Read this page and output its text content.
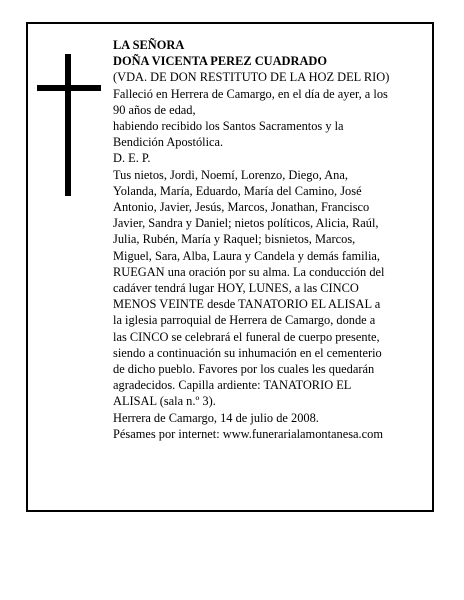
LA SEÑORA
DOÑA VICENTA PEREZ CUADRADO
(VDA. DE DON RESTITUTO DE LA HOZ DEL RIO)
Falleció en Herrera de Camargo, en el día de ayer, a los
90 años de edad,
habiendo recibido los Santos Sacramentos y la
Bendición Apostólica.
D. E. P.
Tus nietos, Jordi, Noemí, Lorenzo, Diego, Ana,
Yolanda, María, Eduardo, María del Camino, José
Antonio, Javier, Jesús, Marcos, Jonathan, Francisco
Javier, Sandra y Daniel; nietos políticos, Alicia, Raúl,
Julia, Rubén, María y Raquel; bisnietos, Marcos,
Miguel, Sara, Alba, Laura y Candela y demás familia,
RUEGAN una oración por su alma. La conducción del
cadáver tendrá lugar HOY, LUNES, a las CINCO
MENOS VEINTE desde TANATORIO EL ALISAL a
la iglesia parroquial de Herrera de Camargo, donde a
las CINCO se celebrará el funeral de cuerpo presente,
siendo a continuación su inhumación en el cementerio
de dicho pueblo. Favores por los cuales les quedarán
agradecidos. Capilla ardiente: TANATORIO EL
ALISAL (sala n.º 3).
Herrera de Camargo, 14 de julio de 2008.
Pésames por internet: www.funerarialamontanesa.com
